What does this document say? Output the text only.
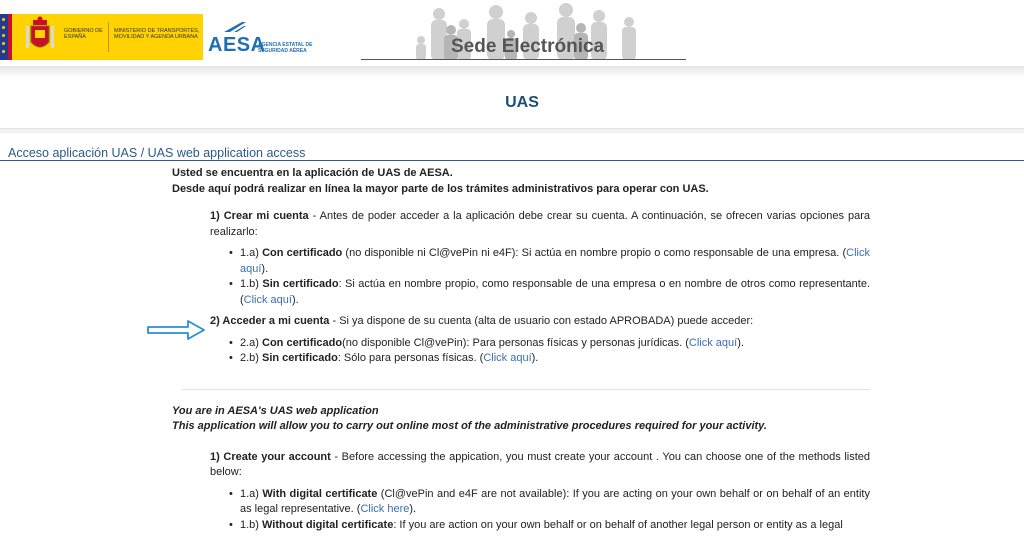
GOBIERNO DE ESPAÑA
MINISTERIO DE TRANSPORTES, MOVILIDAD Y AGENDA URBANA AESA
AGENCIA ESTATAL DE SEGURIDAD AÉREA	Sede Electrónica
UAS
Acceso aplicación UAS / UAS web application access

Usted se encuentra en la aplicación de UAS de AESA.

Desde aquí podrá realizar en línea la mayor parte de los trámites administrativos para operar con UAS.

1) Crear mi cuenta - Antes de poder acceder a la aplicación debe crear su cuenta. A continuación, se ofrecen varias opciones para realizarlo:

• 1.a) Con certificado (no disponible ni Cl@vePin ni e4F): Si actúa en nombre propio o como responsable de una empresa. (Click aquí).
• 1.b) Sin certificado: Si actúa en nombre propio, como responsable de una empresa o en nombre de otros como representante. (Click aquí).

2) Acceder a mi cuenta - Si ya dispone de su cuenta (alta de usuario con estado APROBADA) puede acceder:

• 2.a) Con certificado(no disponible Cl@vePin): Para personas físicas y personas jurídicas. (Click aquí).
• 2.b) Sin certificado: Sólo para personas físicas. (Click aquí).

You are in AESA's UAS web application

This application will allow you to carry out online most of the administrative procedures required for your activity.

1) Create your account - Before accessing the appication, you must create your account . You can choose one of the methods listed below:

• 1.a) With digital certificate (Cl@vePin and e4F are not available): If you are acting on your own behalf or on behalf of an entity as legal representative. (Click here).
• 1.b) Without digital certificate: If you are action on your own behalf or on behalf of another legal person or entity as a legal
